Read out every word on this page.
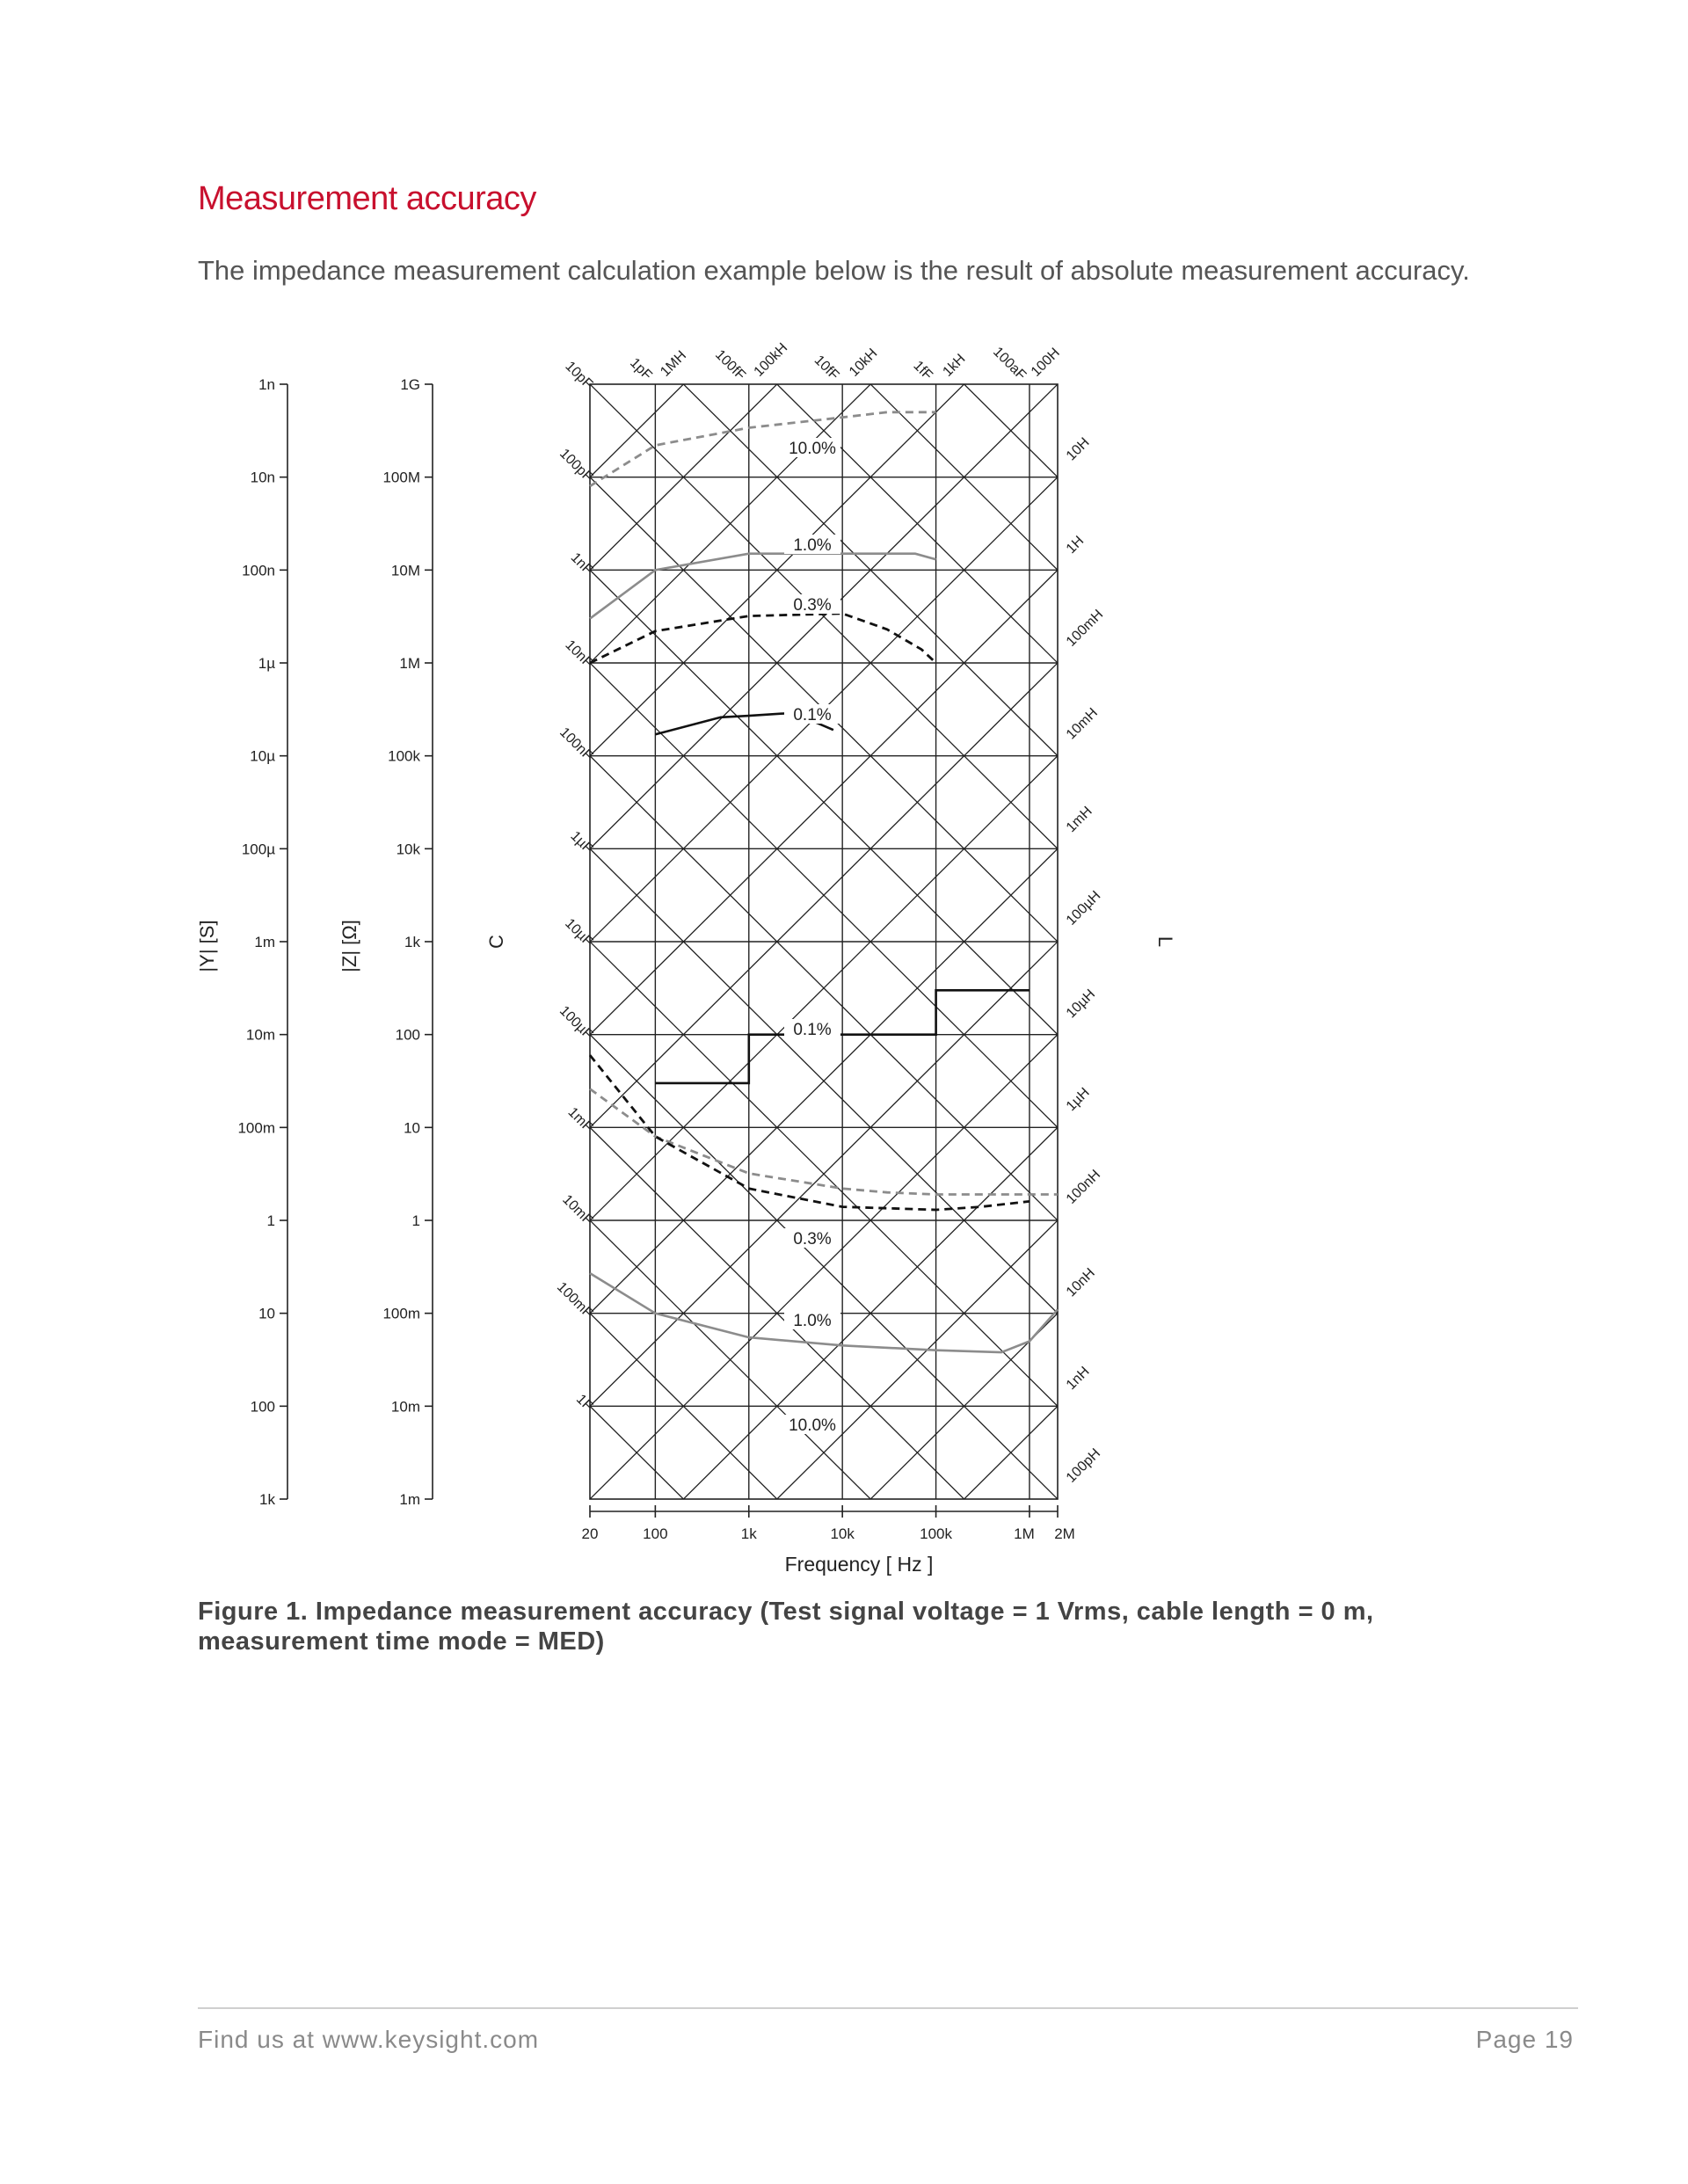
Measurement accuracy
The impedance measurement calculation example below is the result of absolute measurement accuracy.
1n	1G
10n	100M
100n	10M
1µ	1M
10µ	100k
100µ	10k
1m	1k
10m	100
100m	10
1	1
10	100m
100	10m
1k	1m
|Y| [S]	|Z| [Ω]	C	L
20	100	1k	10k	100k	1M 2M
Frequency [ Hz ]
10pF
100pF
1nF
10nF
100nF
1µF
10µF
100µF
1mF
10mF
100mF
1F
1pF	100fF	10fF	1fF	100aF
1MH	100kH	10kH	1kH	100H
10H
1H
100mH
10mH
1mH
100µH
10µH
1µH
100nH
10nH
1nH
100pH
10.0%
10.0%
1.0%
1.0%
0.3%
0.3%
0.1%
0.1%
Figure 1. Impedance measurement accuracy (Test signal voltage = 1 Vrms, cable length = 0 m, measurement time mode = MED)
Find us at www.keysight.com	Page 19
